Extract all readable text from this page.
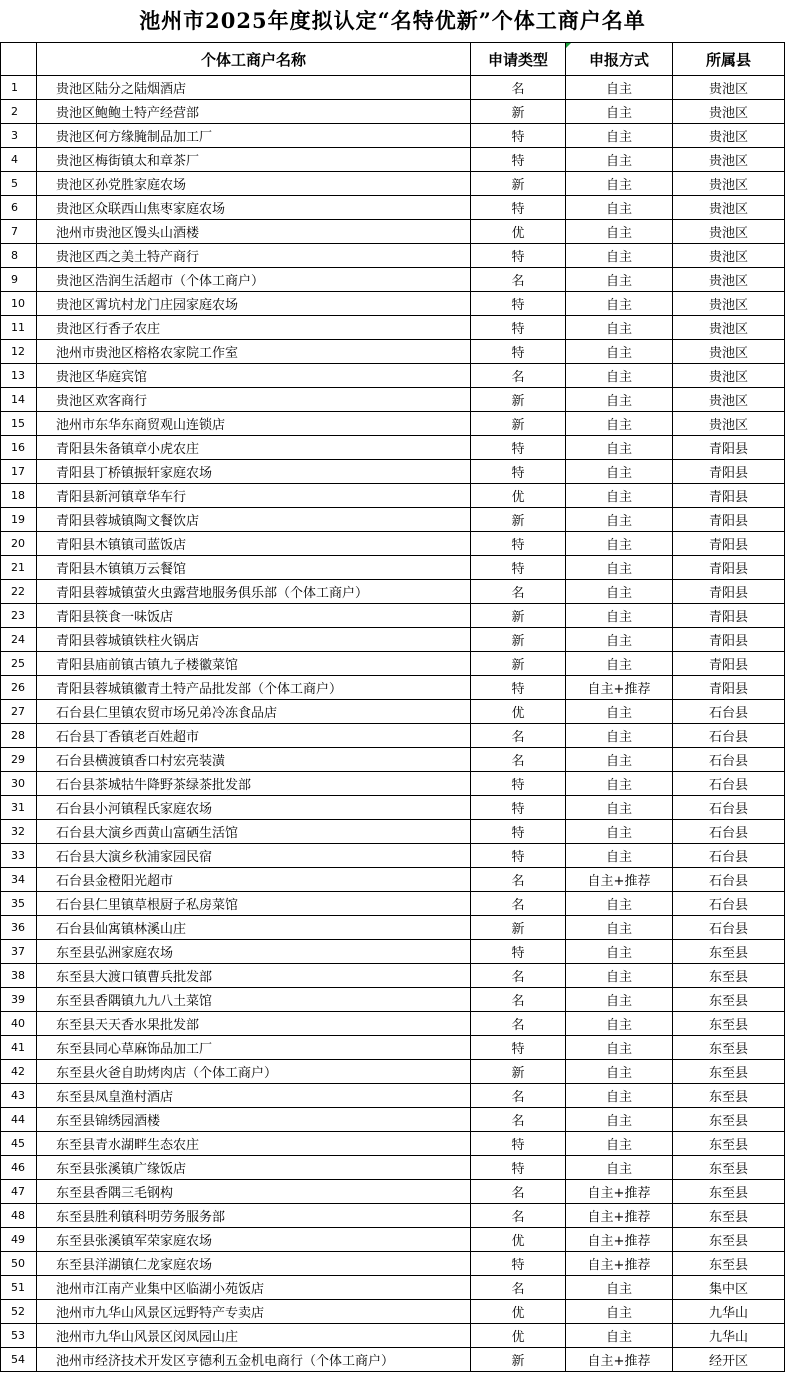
池州市2025年度拟认定“名特优新”个体工商户名单
	个体工商户名称	申请类型	申报方式	所属县
1	贵池区陆分之陆烟酒店	名	自主	贵池区
2	贵池区鲍鲍土特产经营部	新	自主	贵池区
3	贵池区何方缘腌制品加工厂	特	自主	贵池区
4	贵池区梅街镇太和章茶厂	特	自主	贵池区
5	贵池区孙党胜家庭农场	新	自主	贵池区
6	贵池区众联西山焦枣家庭农场	特	自主	贵池区
7	池州市贵池区馒头山酒楼	优	自主	贵池区
8	贵池区西之美土特产商行	特	自主	贵池区
9	贵池区浩润生活超市（个体工商户）	名	自主	贵池区
10	贵池区霄坑村龙门庄园家庭农场	特	自主	贵池区
11	贵池区行香子农庄	特	自主	贵池区
12	池州市贵池区榕格农家院工作室	特	自主	贵池区
13	贵池区华庭宾馆	名	自主	贵池区
14	贵池区欢客商行	新	自主	贵池区
15	池州市东华东商贸观山连锁店	新	自主	贵池区
16	青阳县朱备镇章小虎农庄	特	自主	青阳县
17	青阳县丁桥镇振轩家庭农场	特	自主	青阳县
18	青阳县新河镇章华车行	优	自主	青阳县
19	青阳县蓉城镇陶文餐饮店	新	自主	青阳县
20	青阳县木镇镇司蓝饭店	特	自主	青阳县
21	青阳县木镇镇万云餐馆	特	自主	青阳县
22	青阳县蓉城镇萤火虫露营地服务俱乐部（个体工商户）	名	自主	青阳县
23	青阳县筷食一味饭店	新	自主	青阳县
24	青阳县蓉城镇铁柱火锅店	新	自主	青阳县
25	青阳县庙前镇古镇九子楼徽菜馆	新	自主	青阳县
26	青阳县蓉城镇徽青土特产品批发部（个体工商户）	特	自主+推荐	青阳县
27	石台县仁里镇农贸市场兄弟冷冻食品店	优	自主	石台县
28	石台县丁香镇老百姓超市	名	自主	石台县
29	石台县横渡镇香口村宏亮装潢	名	自主	石台县
30	石台县茶城牯牛降野茶绿茶批发部	特	自主	石台县
31	石台县小河镇程氏家庭农场	特	自主	石台县
32	石台县大演乡西黄山富硒生活馆	特	自主	石台县
33	石台县大演乡秋浦家园民宿	特	自主	石台县
34	石台县金橙阳光超市	名	自主+推荐	石台县
35	石台县仁里镇草根厨子私房菜馆	名	自主	石台县
36	石台县仙寓镇林溪山庄	新	自主	石台县
37	东至县弘洲家庭农场	特	自主	东至县
38	东至县大渡口镇曹兵批发部	名	自主	东至县
39	东至县香隅镇九九八土菜馆	名	自主	东至县
40	东至县天天香水果批发部	名	自主	东至县
41	东至县同心草麻饰品加工厂	特	自主	东至县
42	东至县火爸自助烤肉店（个体工商户）	新	自主	东至县
43	东至县凤皇渔村酒店	名	自主	东至县
44	东至县锦绣园酒楼	名	自主	东至县
45	东至县青水湖畔生态农庄	特	自主	东至县
46	东至县张溪镇广缘饭店	特	自主	东至县
47	东至县香隅三毛钢构	名	自主+推荐	东至县
48	东至县胜利镇科明劳务服务部	名	自主+推荐	东至县
49	东至县张溪镇军荣家庭农场	优	自主+推荐	东至县
50	东至县洋湖镇仁龙家庭农场	特	自主+推荐	东至县
51	池州市江南产业集中区临湖小苑饭店	名	自主	集中区
52	池州市九华山风景区远野特产专卖店	优	自主	九华山
53	池州市九华山风景区闵凤园山庄	优	自主	九华山
54	池州市经济技术开发区亨德利五金机电商行（个体工商户）	新	自主+推荐	经开区
